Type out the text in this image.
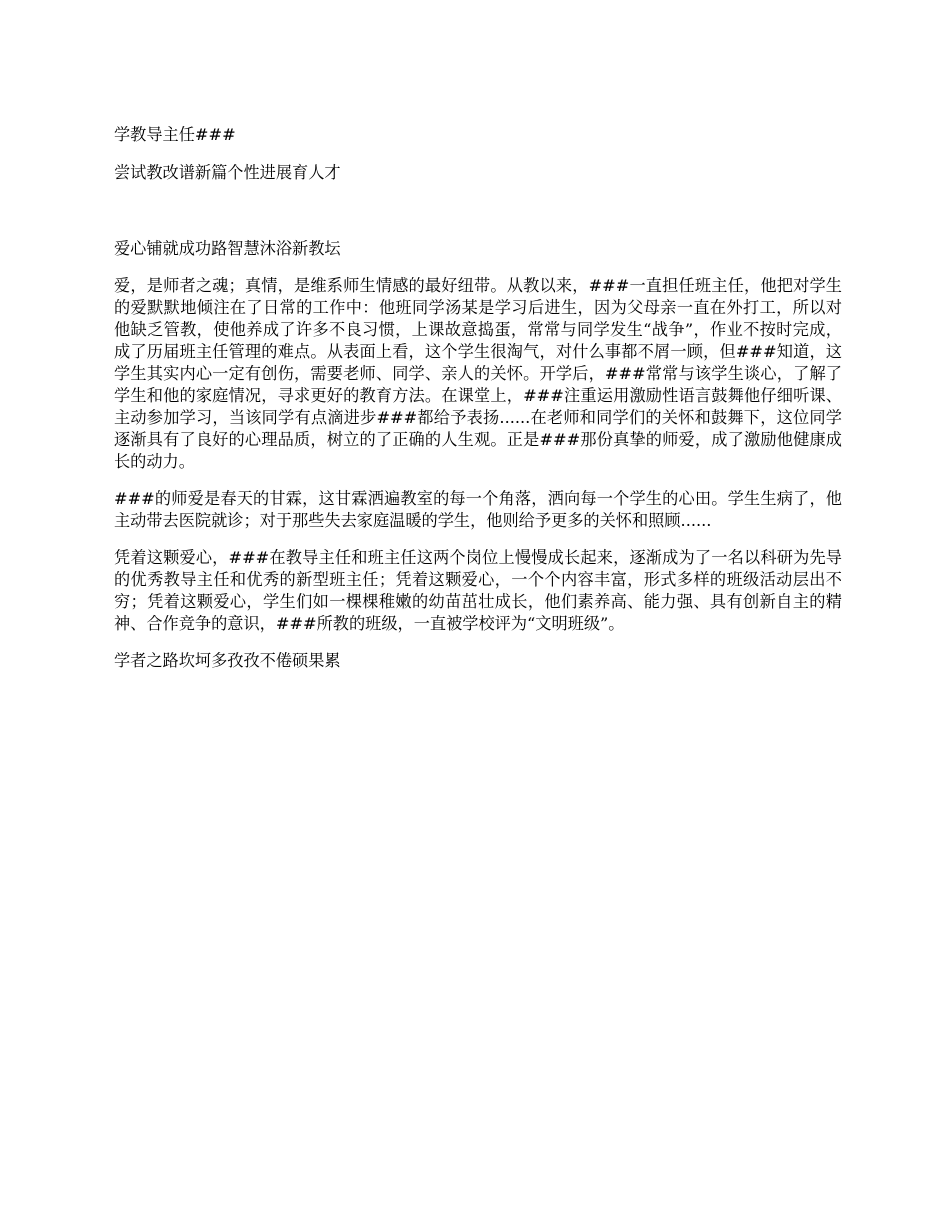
学教导主任###

尝试教改谱新篇个性进展育人才

爱心铺就成功路智慧沐浴新教坛

爱，是师者之魂；真情，是维系师生情感的最好纽带。从教以来，###一直担任班主任，他把对学生的爱默默地倾注在了日常的工作中：他班同学汤某是学习后进生，因为父母亲一直在外打工，所以对他缺乏管教，使他养成了许多不良习惯，上课故意捣蛋，常常与同学发生“战争”，作业不按时完成，成了历届班主任管理的难点。从表面上看，这个学生很淘气，对什么事都不屑一顾，但###知道，这学生其实内心一定有创伤，需要老师、同学、亲人的关怀。开学后，###常常与该学生谈心，了解了学生和他的家庭情况，寻求更好的教育方法。在课堂上，###注重运用激励性语言鼓舞他仔细听课、主动参加学习，当该同学有点滴进步###都给予表扬......在老师和同学们的关怀和鼓舞下，这位同学逐渐具有了良好的心理品质，树立的了正确的人生观。正是###那份真挚的师爱，成了激励他健康成长的动力。

###的师爱是春天的甘霖，这甘霖洒遍教室的每一个角落，洒向每一个学生的心田。学生生病了，他主动带去医院就诊；对于那些失去家庭温暖的学生，他则给予更多的关怀和照顾......

凭着这颗爱心，###在教导主任和班主任这两个岗位上慢慢成长起来，逐渐成为了一名以科研为先导的优秀教导主任和优秀的新型班主任；凭着这颗爱心，一个个内容丰富，形式多样的班级活动层出不穷；凭着这颗爱心，学生们如一棵棵稚嫩的幼苗茁壮成长，他们素养高、能力强、具有创新自主的精神、合作竞争的意识，###所教的班级，一直被学校评为“文明班级”。

学者之路坎坷多孜孜不倦硕果累
